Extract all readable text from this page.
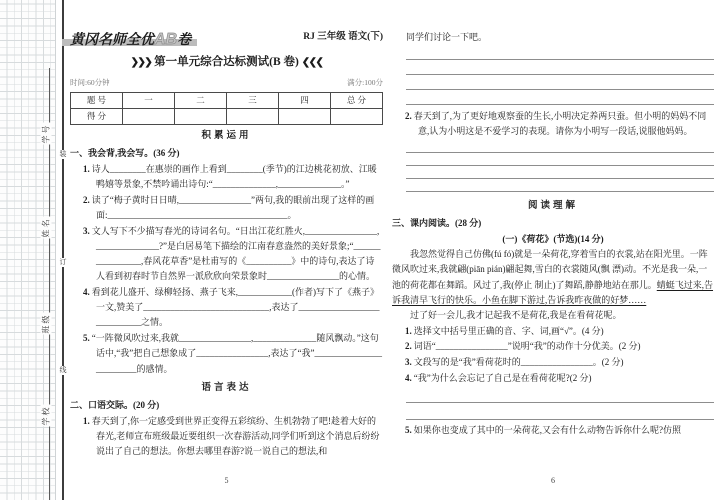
学号
姓名
班级
学校
装
订
线
黄冈名师全优AB卷	RJ 三年级 语文(下)
❯❯❯ 第一单元综合达标测试(B 卷) ❮❮❮
时间:60分钟	满分:100分
题 号	一	二	三	四	总 分
得 分					
积累运用
一、我会背,我会写。(36 分)
1. 诗人________在惠崇的画作上看到________(季节)的江边桃花初放、江暖鸭嬉等景象,不禁吟诵出诗句:“______________,______________。”
2. 读了“梅子黄时日日晴,________________”两句,我的眼前出现了这样的画面:________________________________________。
3. 文人写下不少描写春光的诗词名句。“日出江花红胜火,________________,______________?”是白居易笔下描绘的江南春意盎然的美好景象;“________________,春风花草香”是杜甫写的《__________》中的诗句,表达了诗人看到初春时节自然界一派欣欣向荣景象时________________的心情。
4. 看到花儿盛开、绿柳轻扬、燕子飞来,____________(作者)写下了《燕子》一文,赞美了____________________________,表达了____________________________之情。
5. “一阵微风吹过来,我就________________,______________随风飘动。”这句话中,“我”把自己想象成了________________,表达了“我”________________________的感情。
语言表达
二、口语交际。(20 分)
1. 春天到了,你一定感受到世界正变得五彩缤纷、生机勃勃了吧!趁着大好的春光,老师宣布班级最近要组织一次春游活动,同学们听到这个消息后纷纷说出了自己的想法。你想去哪里春游?说一说自己的想法,和
5
同学们讨论一下吧。
2. 春天到了,为了更好地观察蚕的生长,小明决定养两只蚕。但小明的妈妈不同意,认为小明这是不爱学习的表现。请你为小明写一段话,说服他妈妈。
阅读理解
三、课内阅读。(28 分)
(一)《荷花》(节选)(14 分)
我忽然觉得自己仿佛(fú fó)就是一朵荷花,穿着雪白的衣裳,站在阳光里。一阵微风吹过来,我就翩(piān pián)翩起舞,雪白的衣裳随风(飘 漂)动。不光是我一朵,一池的荷花都在舞蹈。风过了,我(停止 制止)了舞蹈,静静地站在那儿。蜻蜓飞过来,告诉我清早飞行的快乐。小鱼在脚下游过,告诉我昨夜做的好梦……
过了好一会儿,我才记起我不是荷花,我是在看荷花呢。
1. 选择文中括号里正确的音、字、词,画“√”。(4 分)
2. 词语“________________”说明“我”的动作十分优美。(2 分)
3. 文段写的是“我”看荷花时的________________。(2 分)
4. “我”为什么会忘记了自己是在看荷花呢?(2 分)
5. 如果你也变成了其中的一朵荷花,又会有什么动物告诉你什么呢?仿照
6
